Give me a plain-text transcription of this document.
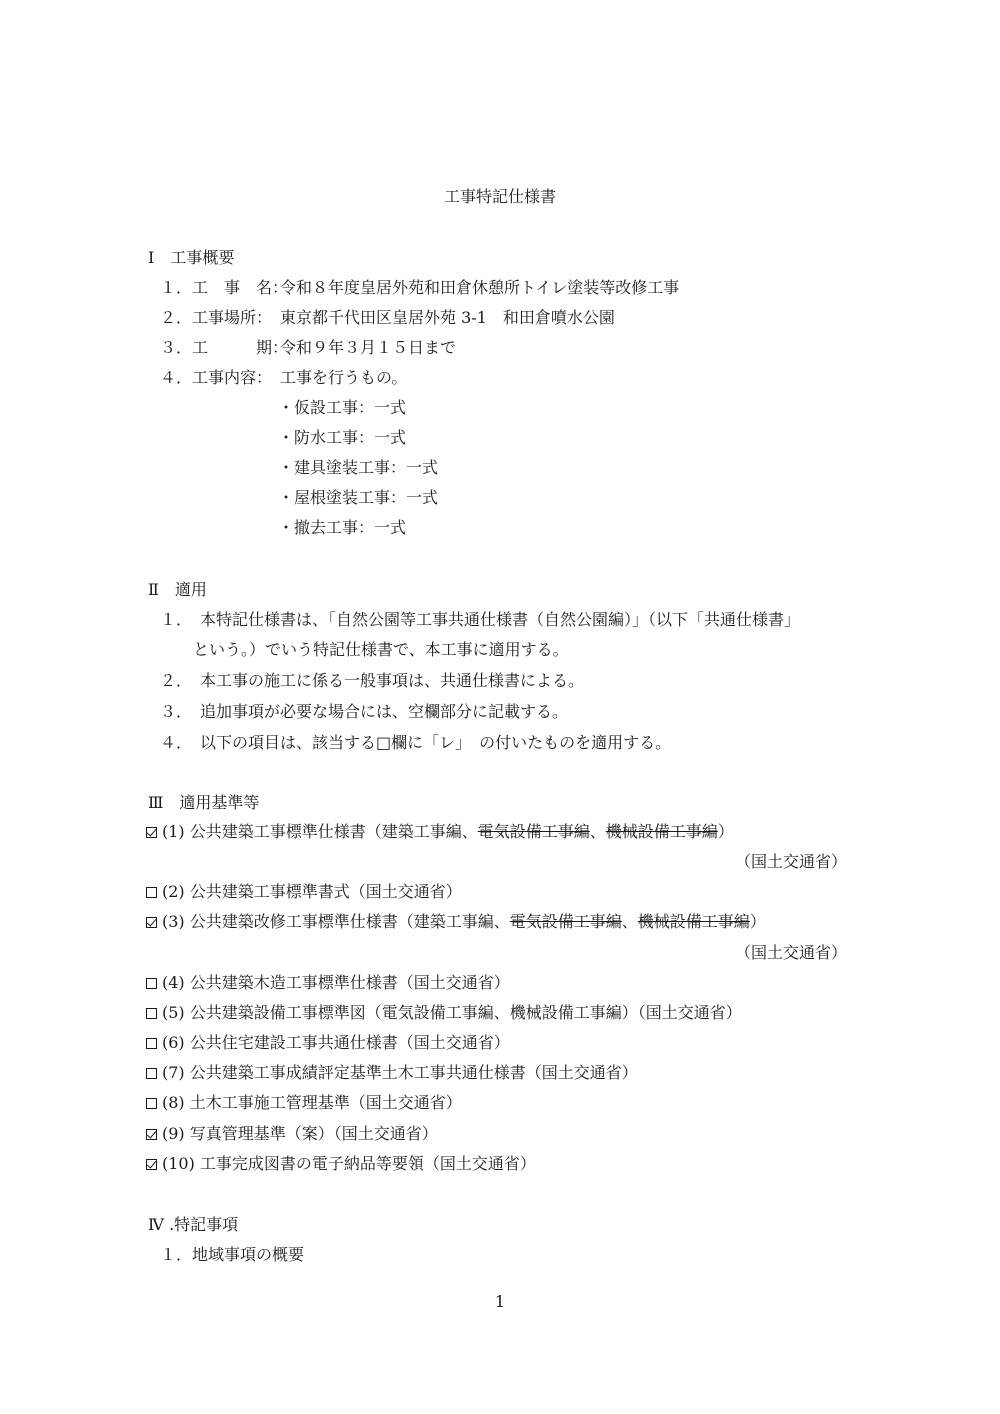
工事特記仕様書
Ⅰ　工事概要
１．工　事　名：令和８年度皇居外苑和田倉休憩所トイレ塗装等改修工事
２．工事場所： 東京都千代田区皇居外苑 3-1　和田倉噴水公園
３．工　　　期：令和９年３月１５日まで
４．工事内容： 工事を行うもの。
・仮設工事：一式
・防水工事：一式
・建具塗装工事：一式
・屋根塗装工事：一式
・撤去工事：一式
Ⅱ　適用
１．　本特記仕様書は、「自然公園等工事共通仕様書（自然公園編）」（以下「共通仕様書」
という。）でいう特記仕様書で、本工事に適用する。
２．　本工事の施工に係る一般事項は、共通仕様書による。
３．　追加事項が必要な場合には、空欄部分に記載する。
４．　以下の項目は、該当する□欄に「レ」　の付いたものを適用する。
Ⅲ　適用基準等
(1) 公共建築工事標準仕様書（建築工事編、電気設備工事編、機械設備工事編）
（国土交通省）
(2) 公共建築工事標準書式（国土交通省）
(3) 公共建築改修工事標準仕様書（建築工事編、電気設備工事編、機械設備工事編）
（国土交通省）
(4) 公共建築木造工事標準仕様書（国土交通省）
(5) 公共建築設備工事標準図（電気設備工事編、機械設備工事編）（国土交通省）
(6) 公共住宅建設工事共通仕様書（国土交通省）
(7) 公共建築工事成績評定基準土木工事共通仕様書（国土交通省）
(8) 土木工事施工管理基準（国土交通省）
(9) 写真管理基準（案）（国土交通省）
(10) 工事完成図書の電子納品等要領（国土交通省）
Ⅳ .特記事項
１．地域事項の概要
1
